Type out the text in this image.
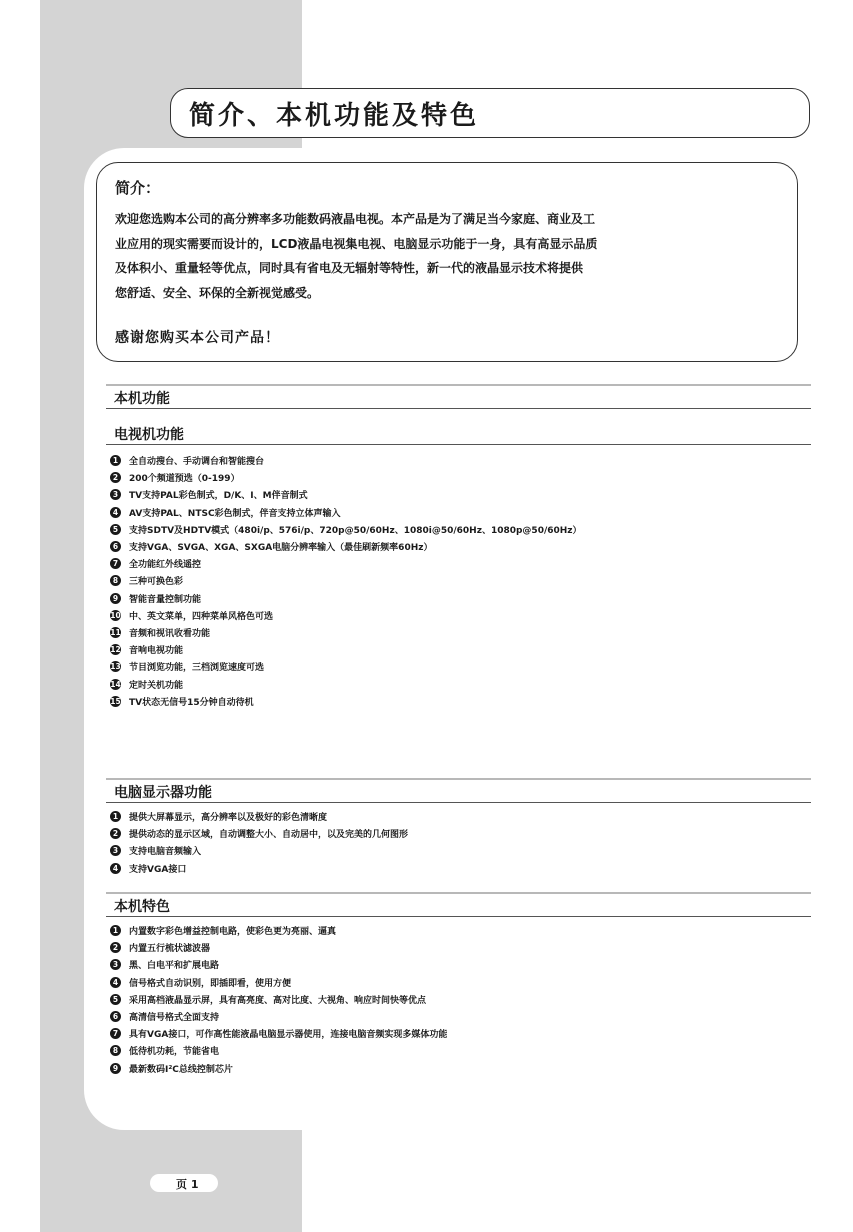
简介、本机功能及特色
简介：
欢迎您选购本公司的高分辨率多功能数码液晶电视。本产品是为了满足当今家庭、商业及工
业应用的现实需要而设计的，LCD液晶电视集电视、电脑显示功能于一身，具有高显示品质
及体积小、重量轻等优点，同时具有省电及无辐射等特性，新一代的液晶显示技术将提供
您舒适、安全、环保的全新视觉感受。
感谢您购买本公司产品！
本机功能
电视机功能
1	全自动搜台、手动调台和智能搜台
2	200个频道预选（0-199）
3	TV支持PAL彩色制式，D/K、I、M伴音制式
4	AV支持PAL、NTSC彩色制式，伴音支持立体声输入
5	支持SDTV及HDTV模式（480i/p、576i/p、720p@50/60Hz、1080i@50/60Hz、1080p@50/60Hz）
6	支持VGA、SVGA、XGA、SXGA电脑分辨率输入（最佳刷新频率60Hz）
7	全功能红外线遥控
8	三种可换色彩
9	智能音量控制功能
10 中、英文菜单，四种菜单风格色可选
11 音频和视讯收看功能
12 音响电视功能
13 节目浏览功能，三档浏览速度可选
14 定时关机功能
15 TV状态无信号15分钟自动待机
电脑显示器功能
1	提供大屏幕显示，高分辨率以及极好的彩色清晰度
2	提供动态的显示区域，自动调整大小、自动居中，以及完美的几何图形
3	支持电脑音频输入
4	支持VGA接口
本机特色
1	内置数字彩色增益控制电路，使彩色更为亮丽、逼真
2	内置五行梳状滤波器
3	黑、白电平和扩展电路
4	信号格式自动识别，即插即看，使用方便
5	采用高档液晶显示屏，具有高亮度、高对比度、大视角、响应时间快等优点
6	高清信号格式全面支持
7	具有VGA接口，可作高性能液晶电脑显示器使用，连接电脑音频实现多媒体功能
8	低待机功耗，节能省电
9	最新数码I²C总线控制芯片
页 1
